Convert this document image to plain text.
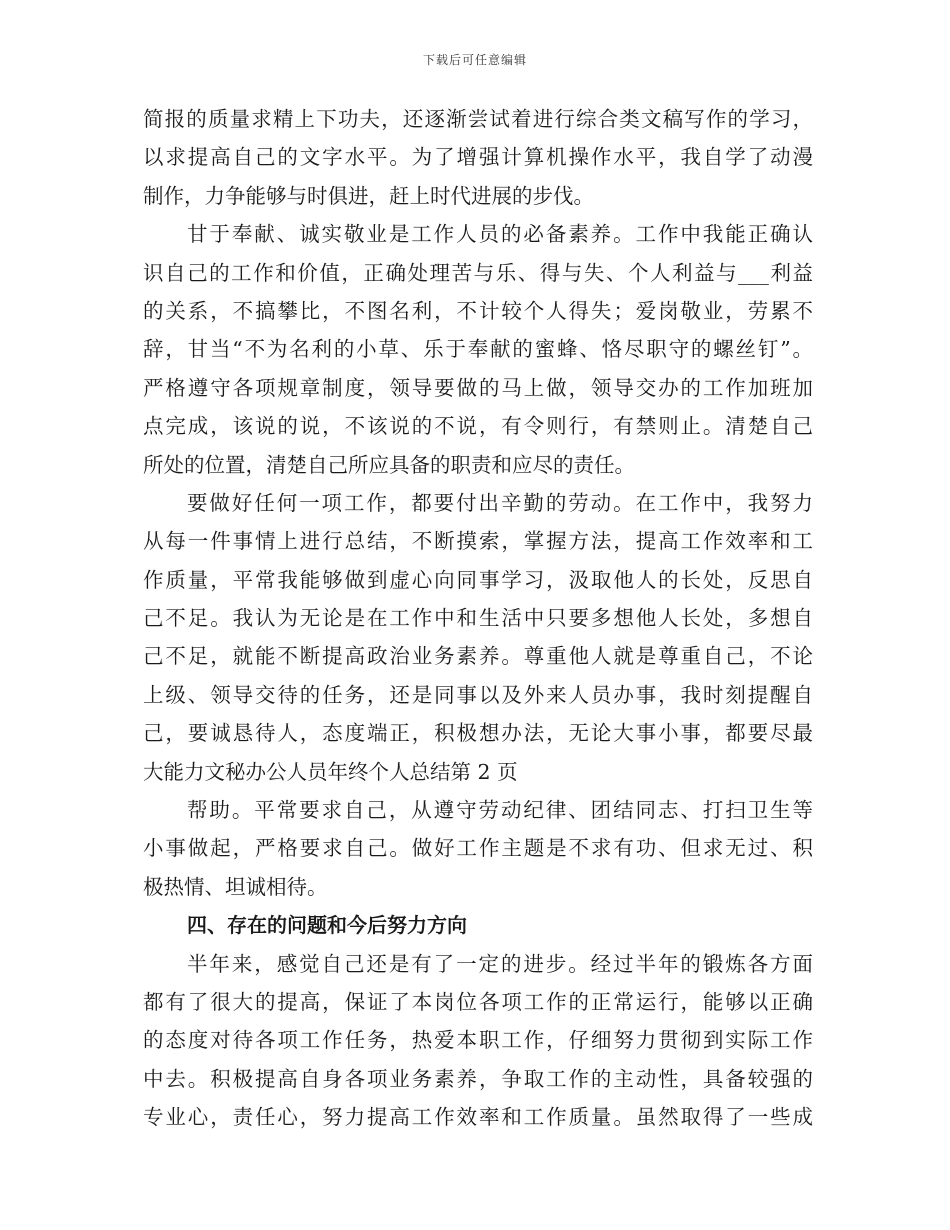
下载后可任意编辑
简报的质量求精上下功夫，还逐渐尝试着进行综合类文稿写作的学习，
以求提高自己的文字水平。为了增强计算机操作水平，我自学了动漫
制作，力争能够与时俱进，赶上时代进展的步伐。
甘于奉献、诚实敬业是工作人员的必备素养。工作中我能正确认
识自己的工作和价值，正确处理苦与乐、得与失、个人利益与___利益
的关系，不搞攀比，不图名利，不计较个人得失；爱岗敬业，劳累不
辞，甘当“不为名利的小草、乐于奉献的蜜蜂、恪尽职守的螺丝钉”。
严格遵守各项规章制度，领导要做的马上做，领导交办的工作加班加
点完成，该说的说，不该说的不说，有令则行，有禁则止。清楚自己
所处的位置，清楚自己所应具备的职责和应尽的责任。
要做好任何一项工作，都要付出辛勤的劳动。在工作中，我努力
从每一件事情上进行总结，不断摸索，掌握方法，提高工作效率和工
作质量，平常我能够做到虚心向同事学习，汲取他人的长处，反思自
己不足。我认为无论是在工作中和生活中只要多想他人长处，多想自
己不足，就能不断提高政治业务素养。尊重他人就是尊重自己，不论
上级、领导交待的任务，还是同事以及外来人员办事，我时刻提醒自
己，要诚恳待人，态度端正，积极想办法，无论大事小事，都要尽最
大能力文秘办公人员年终个人总结第 2 页
帮助。平常要求自己，从遵守劳动纪律、团结同志、打扫卫生等
小事做起，严格要求自己。做好工作主题是不求有功、但求无过、积
极热情、坦诚相待。
四、存在的问题和今后努力方向
半年来，感觉自己还是有了一定的进步。经过半年的锻炼各方面
都有了很大的提高，保证了本岗位各项工作的正常运行，能够以正确
的态度对待各项工作任务，热爱本职工作，仔细努力贯彻到实际工作
中去。积极提高自身各项业务素养，争取工作的主动性，具备较强的
专业心，责任心，努力提高工作效率和工作质量。虽然取得了一些成
